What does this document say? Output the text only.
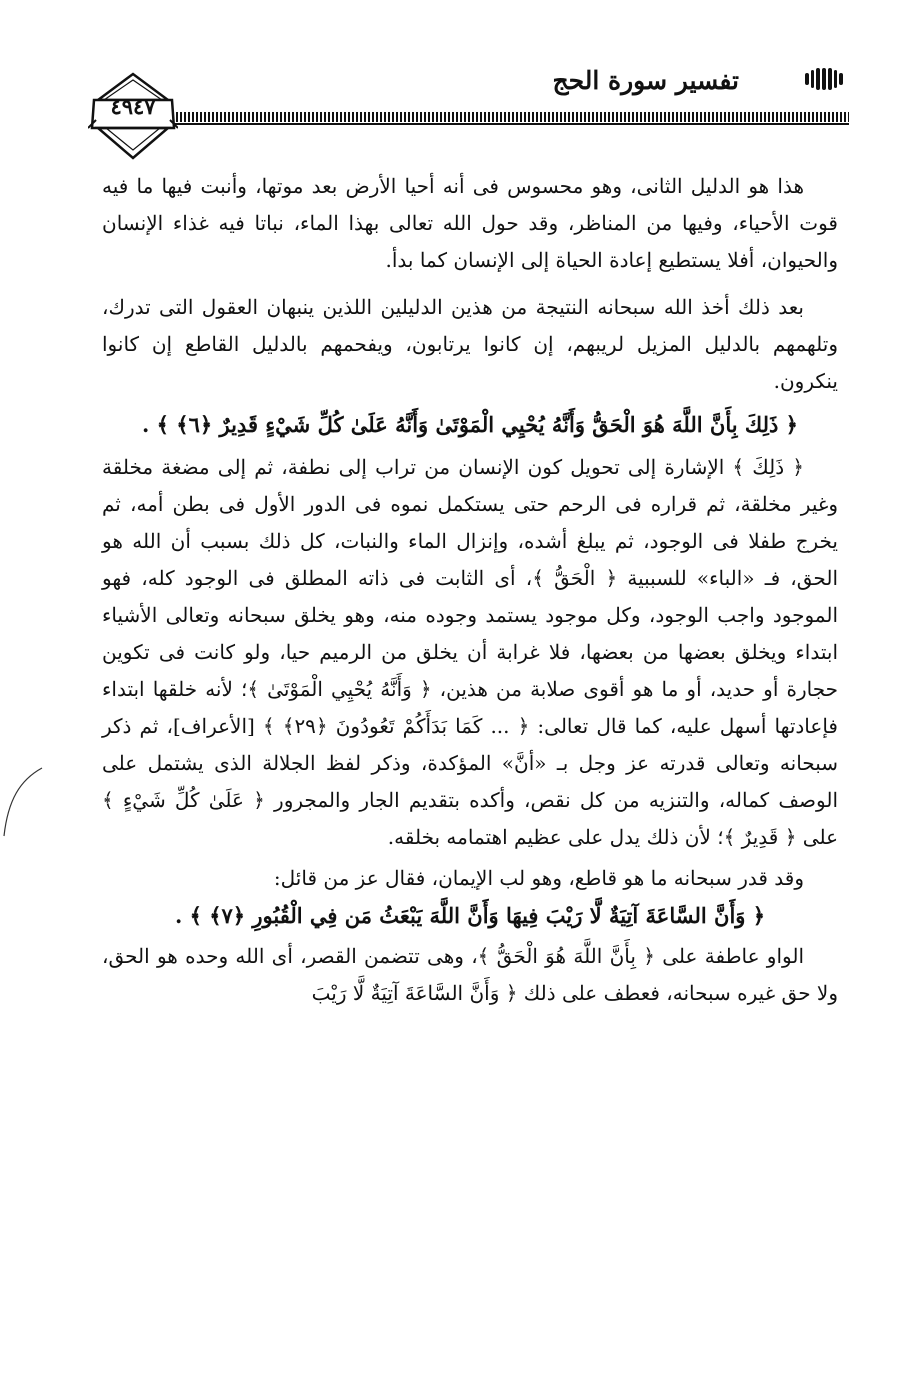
تفسير سورة الحج
٤٩٤٧

هذا هو الدليل الثانى، وهو محسوس فى أنه أحيا الأرض بعد موتها، وأنبت فيها ما فيه قوت الأحياء، وفيها من المناظر، وقد حول الله تعالى بهذا الماء، نباتا فيه غذاء الإنسان والحيوان، أفلا يستطيع إعادة الحياة إلى الإنسان كما بدأ.

بعد ذلك أخذ الله سبحانه النتيجة من هذين الدليلين اللذين ينبهان العقول التى تدرك، وتلهمهم بالدليل المزيل لريبهم، إن كانوا يرتابون، ويفحمهم بالدليل القاطع إن كانوا ينكرون.

﴿ ذَلِكَ بِأَنَّ اللَّهَ هُوَ الْحَقُّ وَأَنَّهُ يُحْيِي الْمَوْتَىٰ وَأَنَّهُ عَلَىٰ كُلِّ شَيْءٍ قَدِيرٌ ﴿٦﴾ ﴾ .

﴿ ذَلِكَ ﴾ الإشارة إلى تحويل كون الإنسان من تراب إلى نطفة، ثم إلى مضغة مخلقة وغير مخلقة، ثم قراره فى الرحم حتى يستكمل نموه فى الدور الأول فى بطن أمه، ثم يخرج طفلا فى الوجود، ثم يبلغ أشده، وإنزال الماء والنبات، كل ذلك بسبب أن الله هو الحق، فـ «الباء» للسببية ﴿ الْحَقُّ ﴾، أى الثابت فى ذاته المطلق فى الوجود كله، فهو الموجود واجب الوجود، وكل موجود يستمد وجوده منه، وهو يخلق سبحانه وتعالى الأشياء ابتداء ويخلق بعضها من بعضها، فلا غرابة أن يخلق من الرميم حيا، ولو كانت فى تكوين حجارة أو حديد، أو ما هو أقوى صلابة من هذين، ﴿ وَأَنَّهُ يُحْيِي الْمَوْتَىٰ ﴾؛ لأنه خلقها ابتداء فإعادتها أسهل عليه، كما قال تعالى: ﴿ ... كَمَا بَدَأَكُمْ تَعُودُونَ ﴿٢٩﴾ ﴾ [الأعراف]، ثم ذكر سبحانه وتعالى قدرته عز وجل بـ «أنَّ» المؤكدة، وذكر لفظ الجلالة الذى يشتمل على الوصف كماله، والتنزيه من كل نقص، وأكده بتقديم الجار والمجرور ﴿ عَلَىٰ كُلِّ شَيْءٍ ﴾ على ﴿ قَدِيرٌ ﴾؛ لأن ذلك يدل على عظيم اهتمامه بخلقه.

وقد قدر سبحانه ما هو قاطع، وهو لب الإيمان، فقال عز من قائل:

﴿ وَأَنَّ السَّاعَةَ آتِيَةٌ لَّا رَيْبَ فِيهَا وَأَنَّ اللَّهَ يَبْعَثُ مَن فِي الْقُبُورِ ﴿٧﴾ ﴾ .

الواو عاطفة على ﴿ بِأَنَّ اللَّهَ هُوَ الْحَقُّ ﴾، وهى تتضمن القصر، أى الله وحده هو الحق، ولا حق غيره سبحانه، فعطف على ذلك ﴿ وَأَنَّ السَّاعَةَ آتِيَةٌ لَّا رَيْبَ
